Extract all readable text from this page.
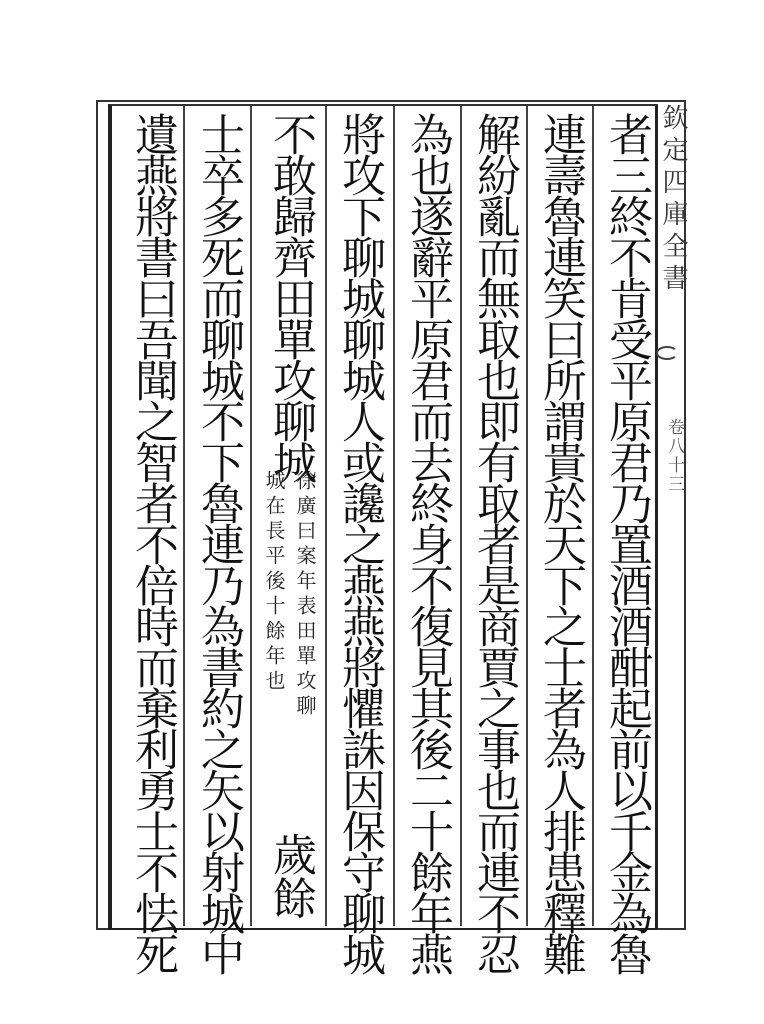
欽定四庫全書
卷八十三
者三終不肯受平原君乃置酒酒酣起前以千金為魯
連壽魯連笑曰所謂貴於天下之士者為人排患釋難
解紛亂而無取也即有取者是商賈之事也而連不忍
為也遂辭平原君而去終身不復見其後二十餘年燕
將攻下聊城聊城人或讒之燕燕將懼誅因保守聊城
不敢歸齊田單攻聊城
徐廣曰案年表田單攻聊
城在長平後十餘年也
歲餘
士卒多死而聊城不下魯連乃為書約之矢以射城中
遺燕將書曰吾聞之智者不倍時而棄利勇士不怯死
